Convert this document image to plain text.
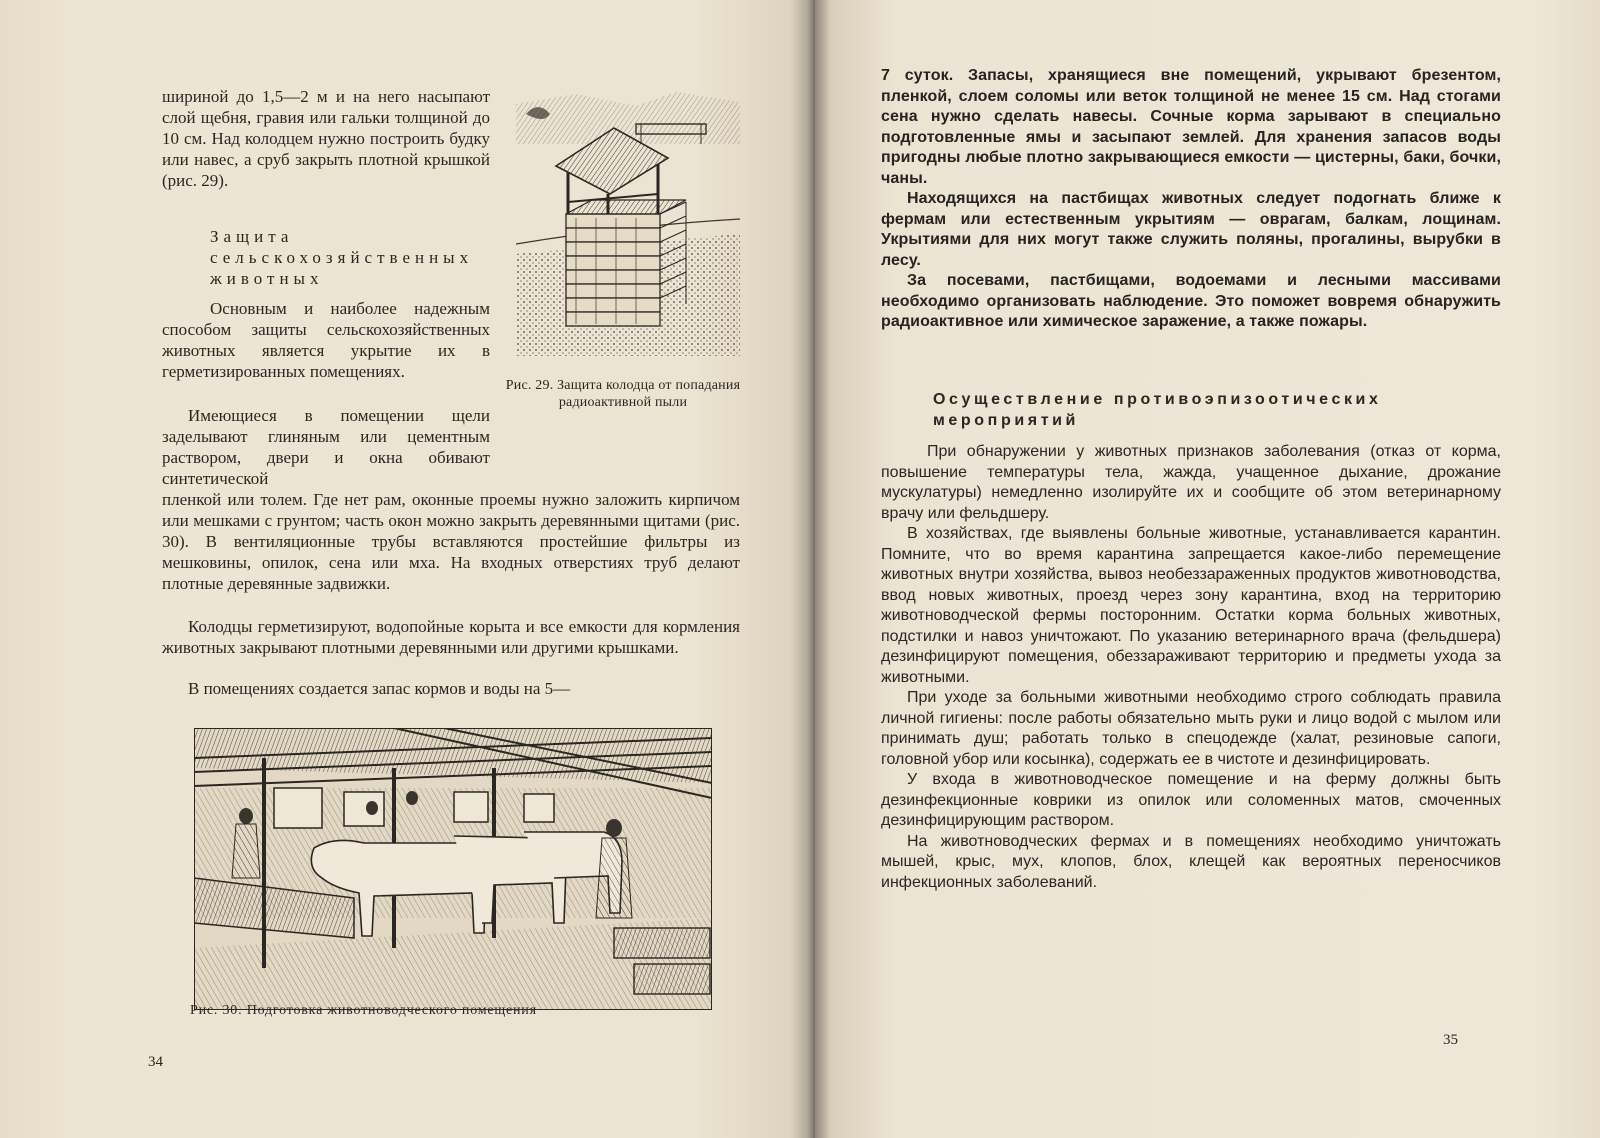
шириной до 1,5—2 м и на него насыпают слой щебня, гравия или гальки толщиной до 10 см. Над колодцем нужно построить будку или навес, а сруб закрыть плотной крышкой (рис. 29).

Защита сельскохозяйственных животных

Основным и наиболее надежным способом защиты сельскохозяйственных животных является укрытие их в герметизированных помещениях.

Имеющиеся в помещении щели заделывают глиняным или цементным раствором, двери и окна обивают синтетической

пленкой или толем. Где нет рам, оконные проемы нужно заложить кирпичом или мешками с грунтом; часть окон можно закрыть деревянными щитами (рис. 30). В вентиляционные трубы вставляются простейшие фильтры из мешковины, опилок, сена или мха. На входных отверстиях труб делают плотные деревянные задвижки.

Колодцы герметизируют, водопойные корыта и все емкости для кормления животных закрывают плотными деревянными или другими крышками.

В помещениях создается запас кормов и воды на 5—

Рис. 29. Защита колодца от попадания радиоактивной пыли

Рис. 30. Подготовка животноводческого помещения

34

7 суток. Запасы, хранящиеся вне помещений, укрывают брезентом, пленкой, слоем соломы или веток толщиной не менее 15 см. Над стогами сена нужно сделать навесы. Сочные корма зарывают в специально подготовленные ямы и засыпают землей. Для хранения запасов воды пригодны любые плотно закрывающиеся емкости — цистерны, баки, бочки, чаны.

Находящихся на пастбищах животных следует подогнать ближе к фермам или естественным укрытиям — оврагам, балкам, лощинам. Укрытиями для них могут также служить поляны, прогалины, вырубки в лесу.

За посевами, пастбищами, водоемами и лесными массивами необходимо организовать наблюдение. Это поможет вовремя обнаружить радиоактивное или химическое заражение, а также пожары.

Осуществление противоэпизоотических мероприятий

При обнаружении у животных признаков заболевания (отказ от корма, повышение температуры тела, жажда, учащенное дыхание, дрожание мускулатуры) немедленно изолируйте их и сообщите об этом ветеринарному врачу или фельдшеру.

В хозяйствах, где выявлены больные животные, устанавливается карантин. Помните, что во время карантина запрещается какое-либо перемещение животных внутри хозяйства, вывоз необеззараженных продуктов животноводства, ввод новых животных, проезд через зону карантина, вход на территорию животноводческой фермы посторонним. Остатки корма больных животных, подстилки и навоз уничтожают. По указанию ветеринарного врача (фельдшера) дезинфицируют помещения, обеззараживают территорию и предметы ухода за животными.

При уходе за больными животными необходимо строго соблюдать правила личной гигиены: после работы обязательно мыть руки и лицо водой с мылом или принимать душ; работать только в спецодежде (халат, резиновые сапоги, головной убор или косынка), содержать ее в чистоте и дезинфицировать.

У входа в животноводческое помещение и на ферму должны быть дезинфекционные коврики из опилок или соломенных матов, смоченных дезинфицирующим раствором.

На животноводческих фермах и в помещениях необходимо уничтожать мышей, крыс, мух, клопов, блох, клещей как вероятных переносчиков инфекционных заболеваний.

35
